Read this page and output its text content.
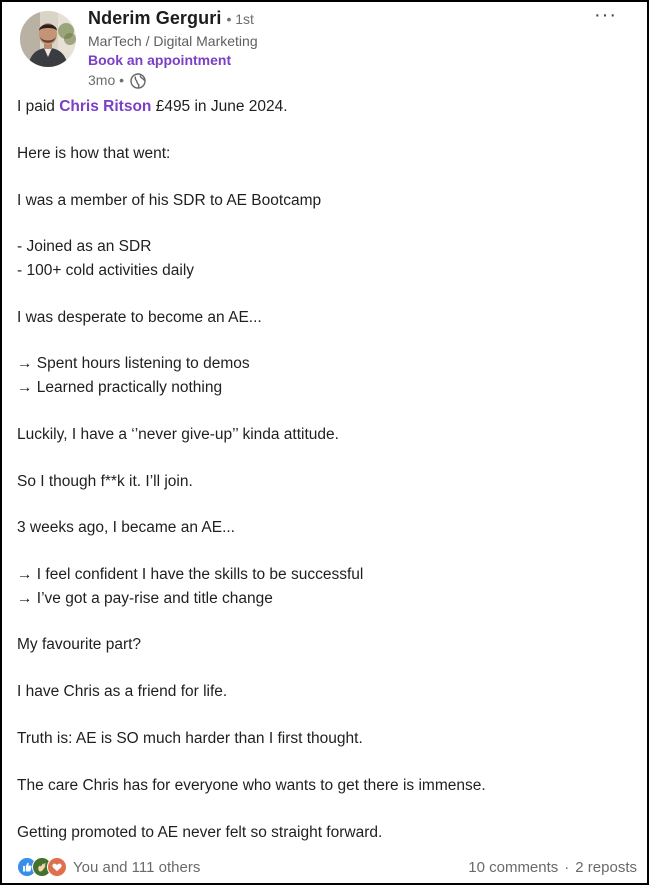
Nderim Gerguri • 1st
MarTech / Digital Marketing
Book an appointment
3mo •
···

I paid Chris Ritson £495 in June 2024.

Here is how that went:

I was a member of his SDR to AE Bootcamp

- Joined as an SDR

- 100+ cold activities daily

I was desperate to become an AE...

→ Spent hours listening to demos

→ Learned practically nothing

Luckily, I have a ‘’never give-up’’ kinda attitude.

So I though f**k it. I’ll join.

3 weeks ago, I became an AE...

→ I feel confident I have the skills to be successful

→ I’ve got a pay-rise and title change

My favourite part?

I have Chris as a friend for life.

Truth is: AE is SO much harder than I first thought.

The care Chris has for everyone who wants to get there is immense.

Getting promoted to AE never felt so straight forward.

You and 111 others	10 comments · 2 reposts
